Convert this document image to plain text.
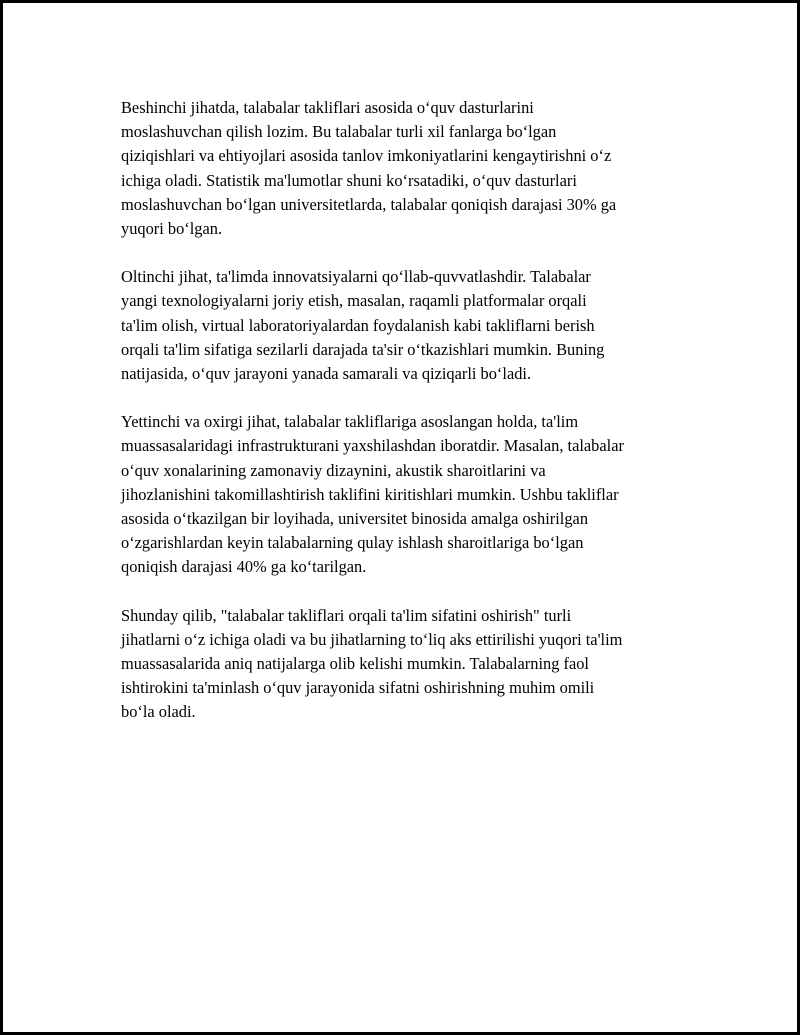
Beshinchi jihatda, talabalar takliflari asosida o‘quv dasturlarini
moslashuvchan qilish lozim. Bu talabalar turli xil fanlarga bo‘lgan
qiziqishlari va ehtiyojlari asosida tanlov imkoniyatlarini kengaytirishni o‘z
ichiga oladi. Statistik ma'lumotlar shuni ko‘rsatadiki, o‘quv dasturlari
moslashuvchan bo‘lgan universitetlarda, talabalar qoniqish darajasi 30% ga
yuqori bo‘lgan.

Oltinchi jihat, ta'limda innovatsiyalarni qo‘llab-quvvatlashdir. Talabalar
yangi texnologiyalarni joriy etish, masalan, raqamli platformalar orqali
ta'lim olish, virtual laboratoriyalardan foydalanish kabi takliflarni berish
orqali ta'lim sifatiga sezilarli darajada ta'sir o‘tkazishlari mumkin. Buning
natijasida, o‘quv jarayoni yanada samarali va qiziqarli bo‘ladi.

Yettinchi va oxirgi jihat, talabalar takliflariga asoslangan holda, ta'lim
muassasalaridagi infrastrukturani yaxshilashdan iboratdir. Masalan, talabalar
o‘quv xonalarining zamonaviy dizaynini, akustik sharoitlarini va
jihozlanishini takomillashtirish taklifini kiritishlari mumkin. Ushbu takliflar
asosida o‘tkazilgan bir loyihada, universitet binosida amalga oshirilgan
o‘zgarishlardan keyin talabalarning qulay ishlash sharoitlariga bo‘lgan
qoniqish darajasi 40% ga ko‘tarilgan.

Shunday qilib, "talabalar takliflari orqali ta'lim sifatini oshirish" turli
jihatlarni o‘z ichiga oladi va bu jihatlarning to‘liq aks ettirilishi yuqori ta'lim
muassasalarida aniq natijalarga olib kelishi mumkin. Talabalarning faol
ishtirokini ta'minlash o‘quv jarayonida sifatni oshirishning muhim omili
bo‘la oladi.
